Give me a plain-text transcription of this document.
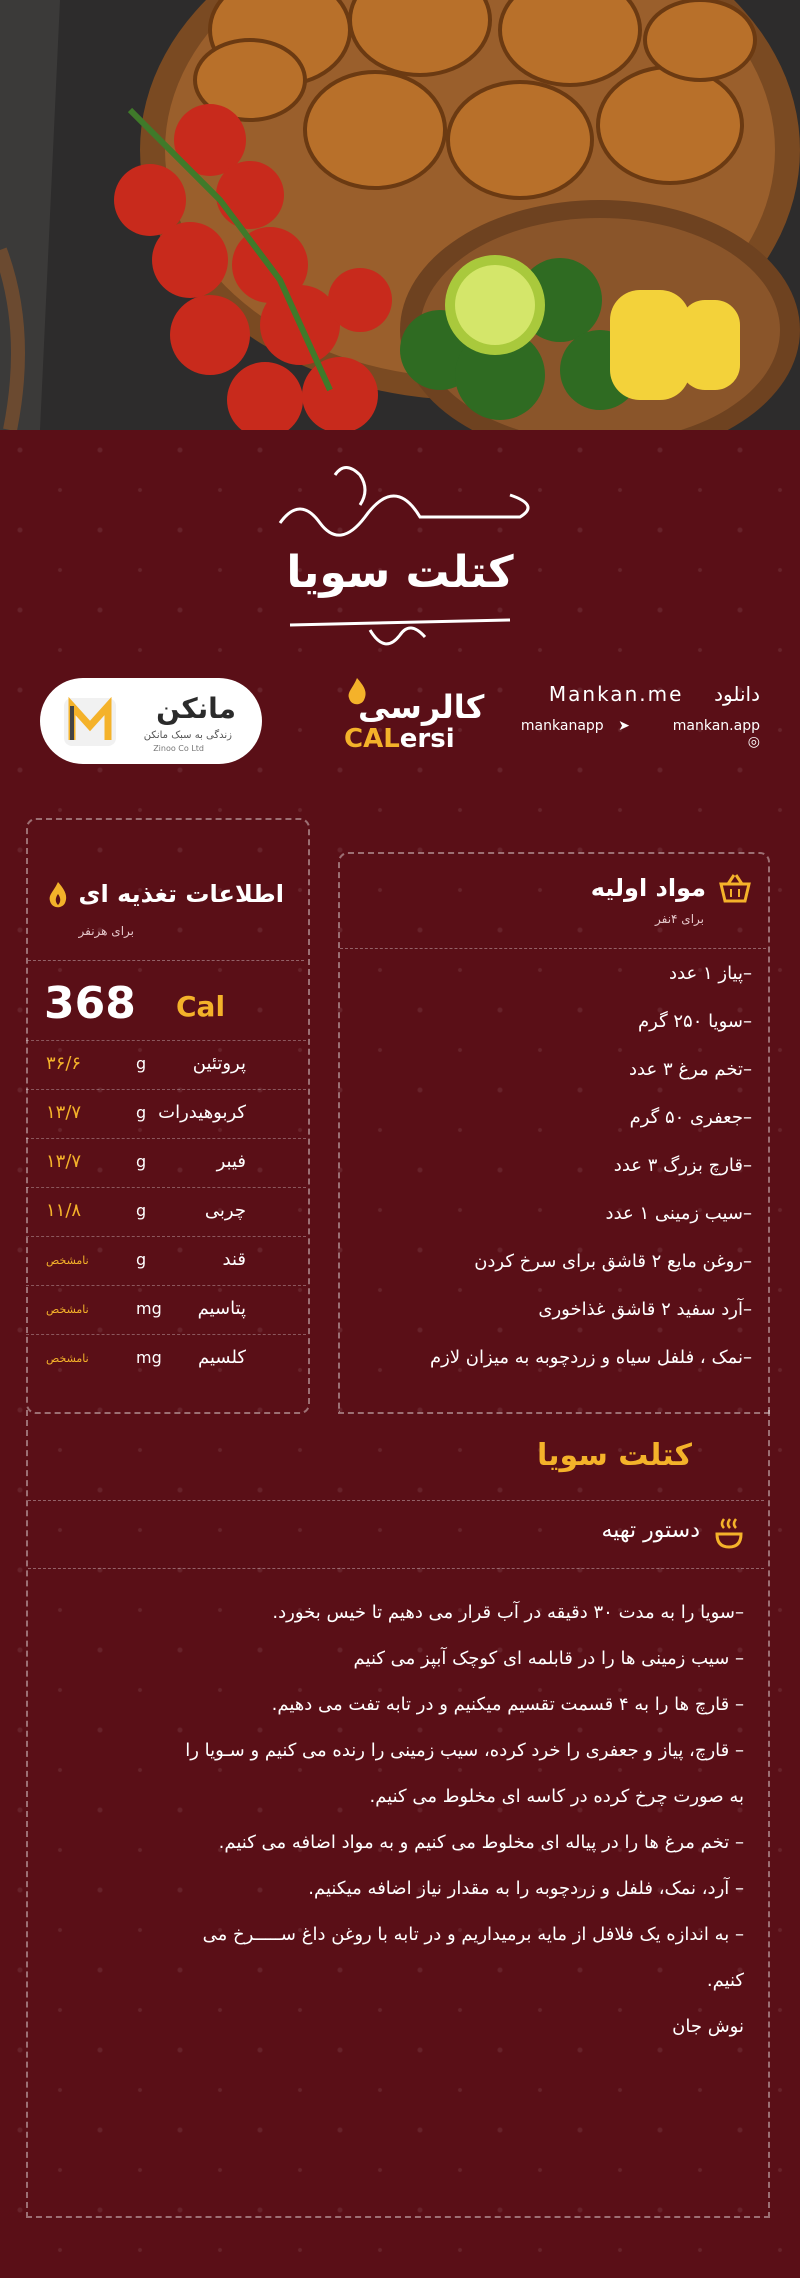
کتلت سویا
مانکن
زندگی به سبک مانکن
Zinoo Co Ltd
کالرسی
CALersi
دانلود  Mankan.me
mankanapp ➤	mankan.app ◎
مواد اولیه
برای ۴نفر
–پیاز ۱ عدد
–سویا ۲۵۰ گرم
–تخم مرغ ۳ عدد
–جعفری ۵۰ گرم
–قارچ بزرگ ۳ عدد
–سیب زمینی ۱ عدد
–روغن مایع ۲ قاشق برای سرخ کردن
–آرد سفید ۲ قاشق غذاخوری
–نمک ، فلفل سیاه و زردچوبه به میزان لازم
اطلاعات تغذیه ای
برای هرنفر
368 Cal
پروتئین
g
۳۶/۶
کربوهیدرات
g
۱۳/۷
فیبر
g
۱۳/۷
چربی
g
۱۱/۸
قند
g
نامشخص
پتاسیم
mg
نامشخص
کلسیم
mg
نامشخص
کتلت سویا
دستور تهیه
–سویا را به مدت ۳۰ دقیقه در آب قرار می دهیم تا خیس بخورد.
– سیب زمینی ها را در قابلمه ای کوچک آبپز می کنیم
– قارچ ها را به ۴ قسمت تقسیم میکنیم و در تابه تفت می دهیم.
– قارچ، پیاز و جعفری را خرد کرده، سیب زمینی را رنده می کنیم و سـویا را
به صورت چرخ کرده در کاسه ای مخلوط می کنیم.
– تخم مرغ ها را در پیاله ای مخلوط می کنیم و به مواد اضافه می کنیم.
– آرد، نمک، فلفل و زردچوبه را به مقدار نیاز اضافه میکنیم.
– به اندازه یک فلافل از مایه برمیداریم و در تابه با روغن داغ ســـــرخ می
کنیم.
نوش جان
